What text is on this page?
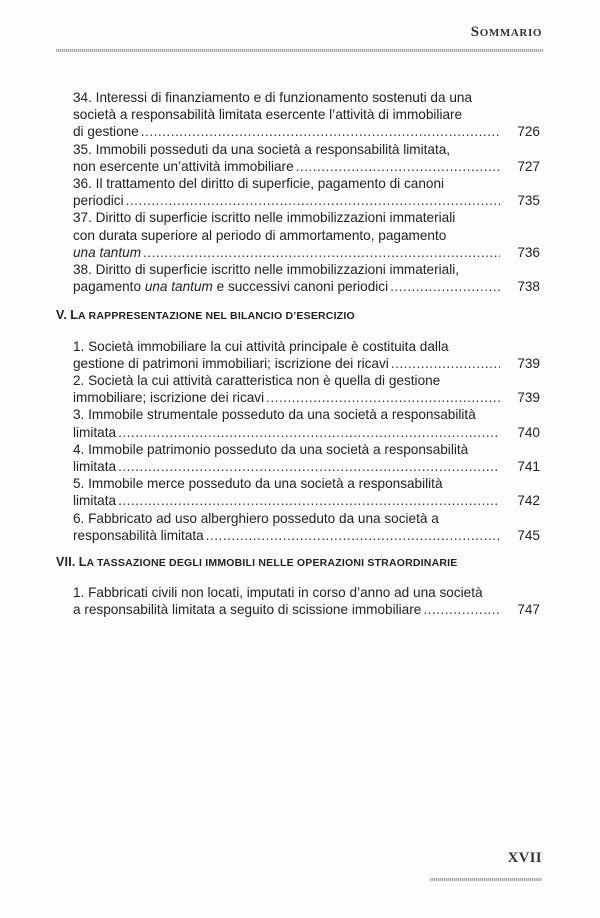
Sommario
34. Interessi di finanziamento e di funzionamento sostenuti da una
società a responsabilità limitata esercente l’attività di immobiliare
di gestione .....	726
35. Immobili posseduti da una società a responsabilità limitata,
non esercente un’attività immobiliare .....	727
36. Il trattamento del diritto di superficie, pagamento di canoni
periodici .....	735
37. Diritto di superficie iscritto nelle immobilizzazioni immateriali
con durata superiore al periodo di ammortamento, pagamento
una tantum .....	736
38. Diritto di superficie iscritto nelle immobilizzazioni immateriali,
pagamento una tantum e successivi canoni periodici .....	738
V. LA RAPPRESENTAZIONE NEL BILANCIO D’ESERCIZIO
1. Società immobiliare la cui attività principale è costituita dalla
gestione di patrimoni immobiliari; iscrizione dei ricavi .....	739
2. Società la cui attività caratteristica non è quella di gestione
immobiliare; iscrizione dei ricavi .....	739
3. Immobile strumentale posseduto da una società a responsabilità
limitata .....	740
4. Immobile patrimonio posseduto da una società a responsabilità
limitata .....	741
5. Immobile merce posseduto da una società a responsabilità
limitata .....	742
6. Fabbricato ad uso alberghiero posseduto da una società a
responsabilità limitata .....	745
VII. LA TASSAZIONE DEGLI IMMOBILI NELLE OPERAZIONI STRAORDINARIE
1. Fabbricati civili non locati, imputati in corso d’anno ad una società
a responsabilità limitata a seguito di scissione immobiliare .....	747
XVII
